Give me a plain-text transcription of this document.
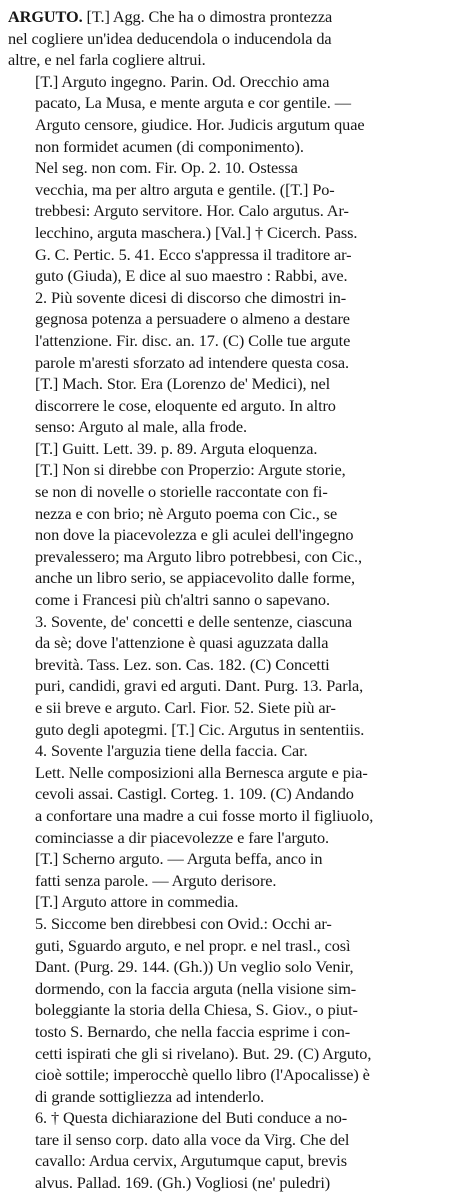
ARGUTO. [T.] Agg. Che ha o dimostra prontezza
nel cogliere un'idea deducendola o inducendola da
altre, e nel farla cogliere altrui.
[T.] Arguto ingegno. Parin. Od. Orecchio ama
pacato, La Musa, e mente arguta e cor gentile. —
Arguto censore, giudice. Hor. Judicis argutum quae
non formidet acumen (di componimento).
Nel seg. non com. Fir. Op. 2. 10. Ostessa
vecchia, ma per altro arguta e gentile. ([T.] Po-
trebbesi: Arguto servitore. Hor. Calo argutus. Ar-
lecchino, arguta maschera.) [Val.] † Cicerch. Pass.
G. C. Pertic. 5. 41. Ecco s'appressa il traditore ar-
guto (Giuda), E dice al suo maestro : Rabbi, ave.
2. Più sovente dicesi di discorso che dimostri in-
gegnosa potenza a persuadere o almeno a destare
l'attenzione. Fir. disc. an. 17. (C) Colle tue argute
parole m'aresti sforzato ad intendere questa cosa.
[T.] Mach. Stor. Era (Lorenzo de' Medici), nel
discorrere le cose, eloquente ed arguto. In altro
senso: Arguto al male, alla frode.
[T.] Guitt. Lett. 39. p. 89. Arguta eloquenza.
[T.] Non si direbbe con Properzio: Argute storie,
se non di novelle o storielle raccontate con fi-
nezza e con brio; nè Arguto poema con Cic., se
non dove la piacevolezza e gli aculei dell'ingegno
prevalessero; ma Arguto libro potrebbesi, con Cic.,
anche un libro serio, se appiacevolito dalle forme,
come i Francesi più ch'altri sanno o sapevano.
3. Sovente, de' concetti e delle sentenze, ciascuna
da sè; dove l'attenzione è quasi aguzzata dalla
brevità. Tass. Lez. son. Cas. 182. (C) Concetti
puri, candidi, gravi ed arguti. Dant. Purg. 13. Parla,
e sii breve e arguto. Carl. Fior. 52. Siete più ar-
guto degli apotegmi. [T.] Cic. Argutus in sententiis.
4. Sovente l'arguzia tiene della faccia. Car.
Lett. Nelle composizioni alla Bernesca argute e pia-
cevoli assai. Castigl. Corteg. 1. 109. (C) Andando
a confortare una madre a cui fosse morto il figliuolo,
cominciasse a dir piacevolezze e fare l'arguto.
[T.] Scherno arguto. — Arguta beffa, anco in
fatti senza parole. — Arguto derisore.
[T.] Arguto attore in commedia.
5. Siccome ben direbbesi con Ovid.: Occhi ar-
guti, Sguardo arguto, e nel propr. e nel trasl., così
Dant. (Purg. 29. 144. (Gh.)) Un veglio solo Venir,
dormendo, con la faccia arguta (nella visione sim-
boleggiante la storia della Chiesa, S. Giov., o piut-
tosto S. Bernardo, che nella faccia esprime i con-
cetti ispirati che gli si rivelano). But. 29. (C) Arguto,
cioè sottile; imperocchè quello libro (l'Apocalisse) è
di grande sottigliezza ad intenderlo.
6. † Questa dichiarazione del Buti conduce a no-
tare il senso corp. dato alla voce da Virg. Che del
cavallo: Ardua cervix, Argutumque caput, brevis
alvus. Pallad. 169. (Gh.) Vogliosi (ne' puledri)
